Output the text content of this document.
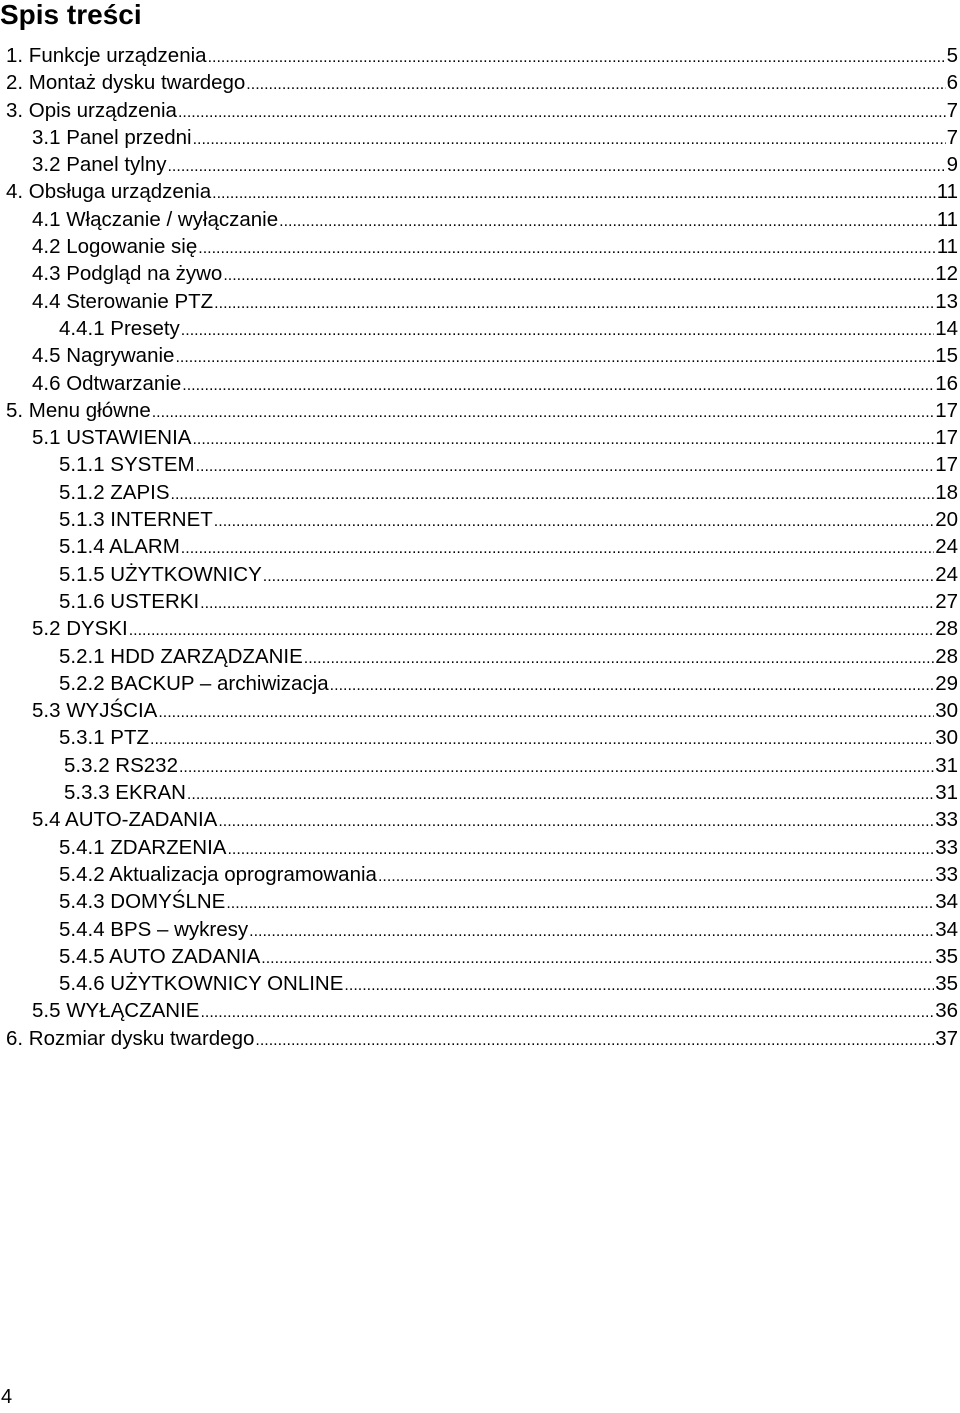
Spis treści
1. Funkcje urządzenia .....	5
2. Montaż dysku twardego .....	6
3. Opis urządzenia .....	7
3.1 Panel przedni .....	7
3.2 Panel tylny .....	9
4. Obsługa urządzenia .....	11
4.1 Włączanie / wyłączanie .....	11
4.2 Logowanie się .....	11
4.3 Podgląd na żywo .....	12
4.4 Sterowanie PTZ .....	13
4.4.1 Presety .....	14
4.5 Nagrywanie .....	15
4.6 Odtwarzanie .....	16
5. Menu główne .....	17
5.1 USTAWIENIA .....	17
5.1.1 SYSTEM .....	17
5.1.2 ZAPIS .....	18
5.1.3 INTERNET .....	20
5.1.4 ALARM .....	24
5.1.5 UŻYTKOWNICY .....	24
5.1.6 USTERKI .....	27
5.2 DYSKI .....	28
5.2.1 HDD ZARZĄDZANIE .....	28
5.2.2 BACKUP – archiwizacja .....	29
5.3 WYJŚCIA .....	30
5.3.1 PTZ .....	30
5.3.2 RS232 .....	31
5.3.3 EKRAN .....	31
5.4 AUTO-ZADANIA .....	33
5.4.1 ZDARZENIA .....	33
5.4.2 Aktualizacja oprogramowania .....	33
5.4.3 DOMYŚLNE .....	34
5.4.4 BPS – wykresy .....	34
5.4.5 AUTO ZADANIA .....	35
5.4.6 UŻYTKOWNICY ONLINE .....	35
5.5 WYŁĄCZANIE .....	36
6. Rozmiar dysku twardego .....	37
4
